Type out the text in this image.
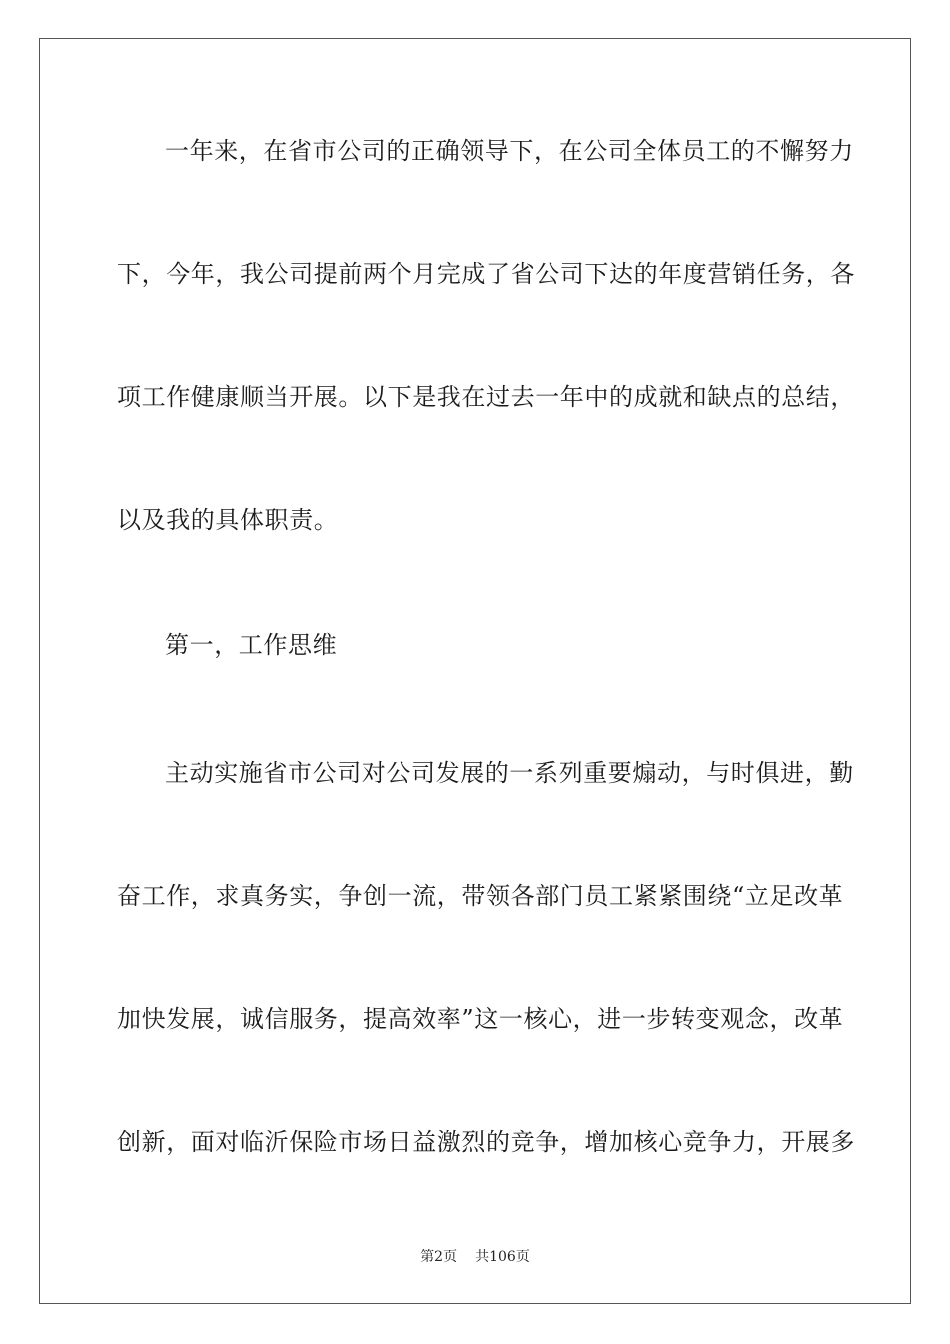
一年来，在省市公司的正确领导下，在公司全体员工的不懈努力
下，今年，我公司提前两个月完成了省公司下达的年度营销任务，各
项工作健康顺当开展。以下是我在过去一年中的成就和缺点的总结，
以及我的具体职责。
第一，工作思维
主动实施省市公司对公司发展的一系列重要煽动，与时俱进，勤
奋工作，求真务实，争创一流，带领各部门员工紧紧围绕“立足改革
加快发展，诚信服务，提高效率”这一核心，进一步转变观念，改革
创新，面对临沂保险市场日益激烈的竞争，增加核心竞争力，开展多
第2页 共106页
